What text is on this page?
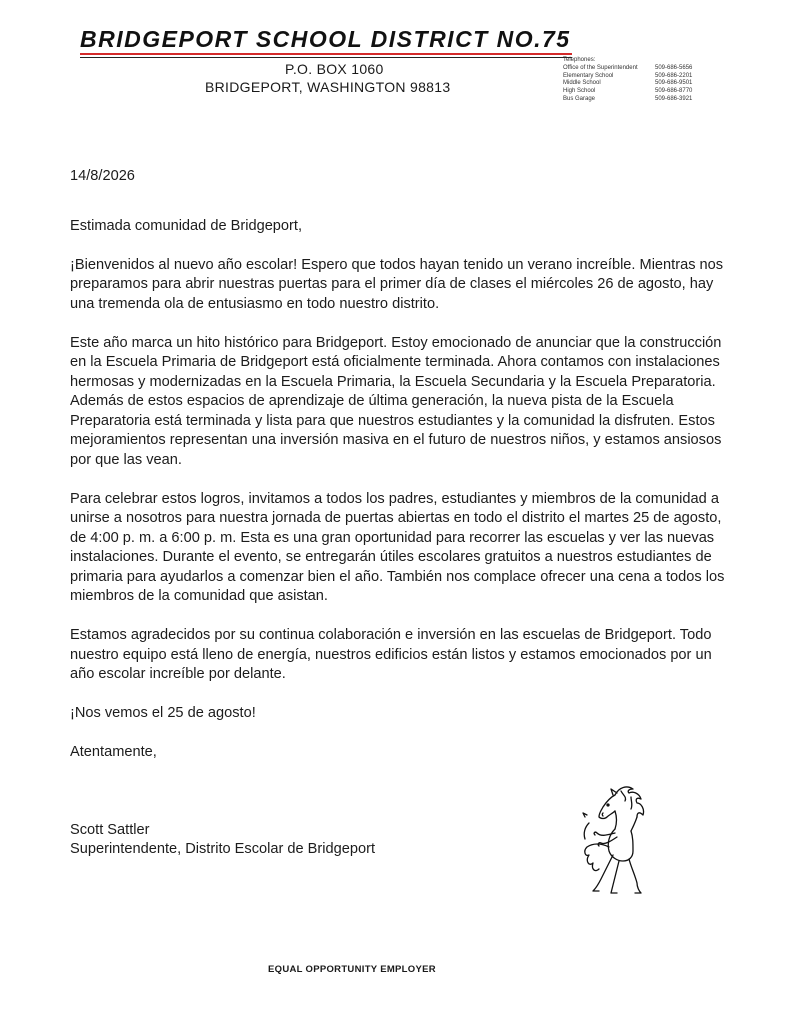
BRIDGEPORT SCHOOL DISTRICT NO.75
P.O. BOX 1060
BRIDGEPORT, WASHINGTON 98813
Telephones:
Office of the Superintendent	509-686-5656
Elementary School	509-686-2201
Middle School	509-686-9501
High School	509-686-8770
Bus Garage	509-686-3921

14/8/2026

Estimada comunidad de Bridgeport,

¡Bienvenidos al nuevo año escolar! Espero que todos hayan tenido un verano increíble. Mientras nos preparamos para abrir nuestras puertas para el primer día de clases el miércoles 26 de agosto, hay una tremenda ola de entusiasmo en todo nuestro distrito.

Este año marca un hito histórico para Bridgeport. Estoy emocionado de anunciar que la construcción en la Escuela Primaria de Bridgeport está oficialmente terminada. Ahora contamos con instalaciones hermosas y modernizadas en la Escuela Primaria, la Escuela Secundaria y la Escuela Preparatoria. Además de estos espacios de aprendizaje de última generación, la nueva pista de la Escuela Preparatoria está terminada y lista para que nuestros estudiantes y la comunidad la disfruten. Estos mejoramientos representan una inversión masiva en el futuro de nuestros niños, y estamos ansiosos por que las vean.

Para celebrar estos logros, invitamos a todos los padres, estudiantes y miembros de la comunidad a unirse a nosotros para nuestra jornada de puertas abiertas en todo el distrito el martes 25 de agosto, de 4:00 p. m. a 6:00 p. m. Esta es una gran oportunidad para recorrer las escuelas y ver las nuevas instalaciones. Durante el evento, se entregarán útiles escolares gratuitos a nuestros estudiantes de primaria para ayudarlos a comenzar bien el año. También nos complace ofrecer una cena a todos los miembros de la comunidad que asistan.

Estamos agradecidos por su continua colaboración e inversión en las escuelas de Bridgeport. Todo nuestro equipo está lleno de energía, nuestros edificios están listos y estamos emocionados por un año escolar increíble por delante.

¡Nos vemos el 25 de agosto!

Atentamente,

Scott Sattler

Superintendente, Distrito Escolar de Bridgeport

EQUAL OPPORTUNITY EMPLOYER
